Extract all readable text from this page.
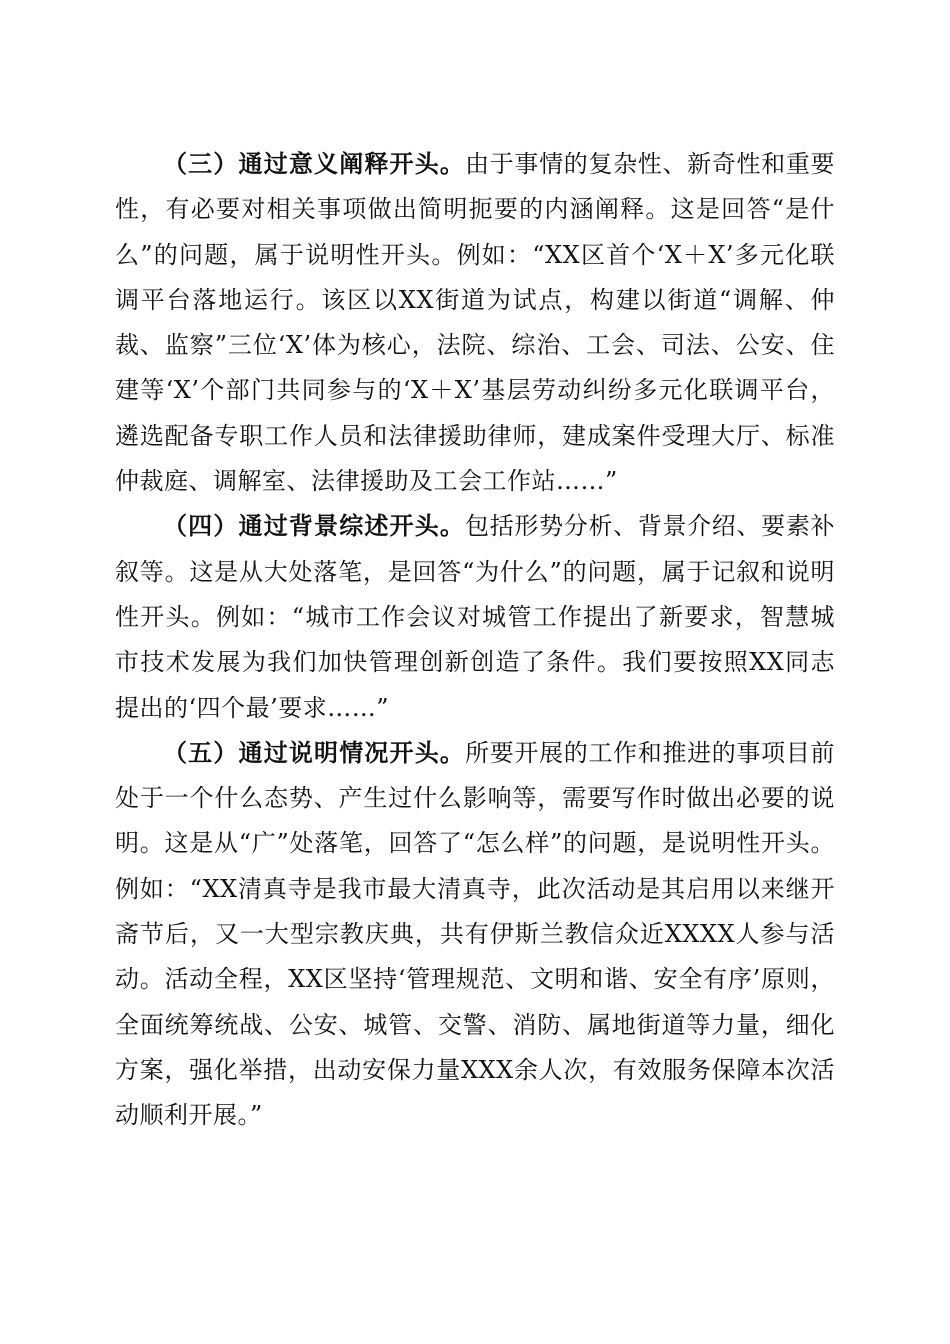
（三）通过意义阐释开头。由于事情的复杂性、新奇性和重要性，有必要对相关事项做出简明扼要的内涵阐释。这是回答“是什么”的问题，属于说明性开头。例如：“XX区首个‘X＋X’多元化联调平台落地运行。该区以XX街道为试点，构建以街道“调解、仲裁、监察”三位‘X’体为核心，法院、综治、工会、司法、公安、住建等‘X’个部门共同参与的‘X＋X’基层劳动纠纷多元化联调平台，遴选配备专职工作人员和法律援助律师，建成案件受理大厅、标准仲裁庭、调解室、法律援助及工会工作站……”

（四）通过背景综述开头。包括形势分析、背景介绍、要素补叙等。这是从大处落笔，是回答“为什么”的问题，属于记叙和说明性开头。例如：“城市工作会议对城管工作提出了新要求，智慧城市技术发展为我们加快管理创新创造了条件。我们要按照XX同志提出的‘四个最’要求……”

（五）通过说明情况开头。所要开展的工作和推进的事项目前处于一个什么态势、产生过什么影响等，需要写作时做出必要的说明。这是从“广”处落笔，回答了“怎么样”的问题，是说明性开头。例如：“XX清真寺是我市最大清真寺，此次活动是其启用以来继开斋节后，又一大型宗教庆典，共有伊斯兰教信众近XXXX人参与活动。活动全程，XX区坚持‘管理规范、文明和谐、安全有序’原则，全面统筹统战、公安、城管、交警、消防、属地街道等力量，细化方案，强化举措，出动安保力量XXX余人次，有效服务保障本次活动顺利开展。”
